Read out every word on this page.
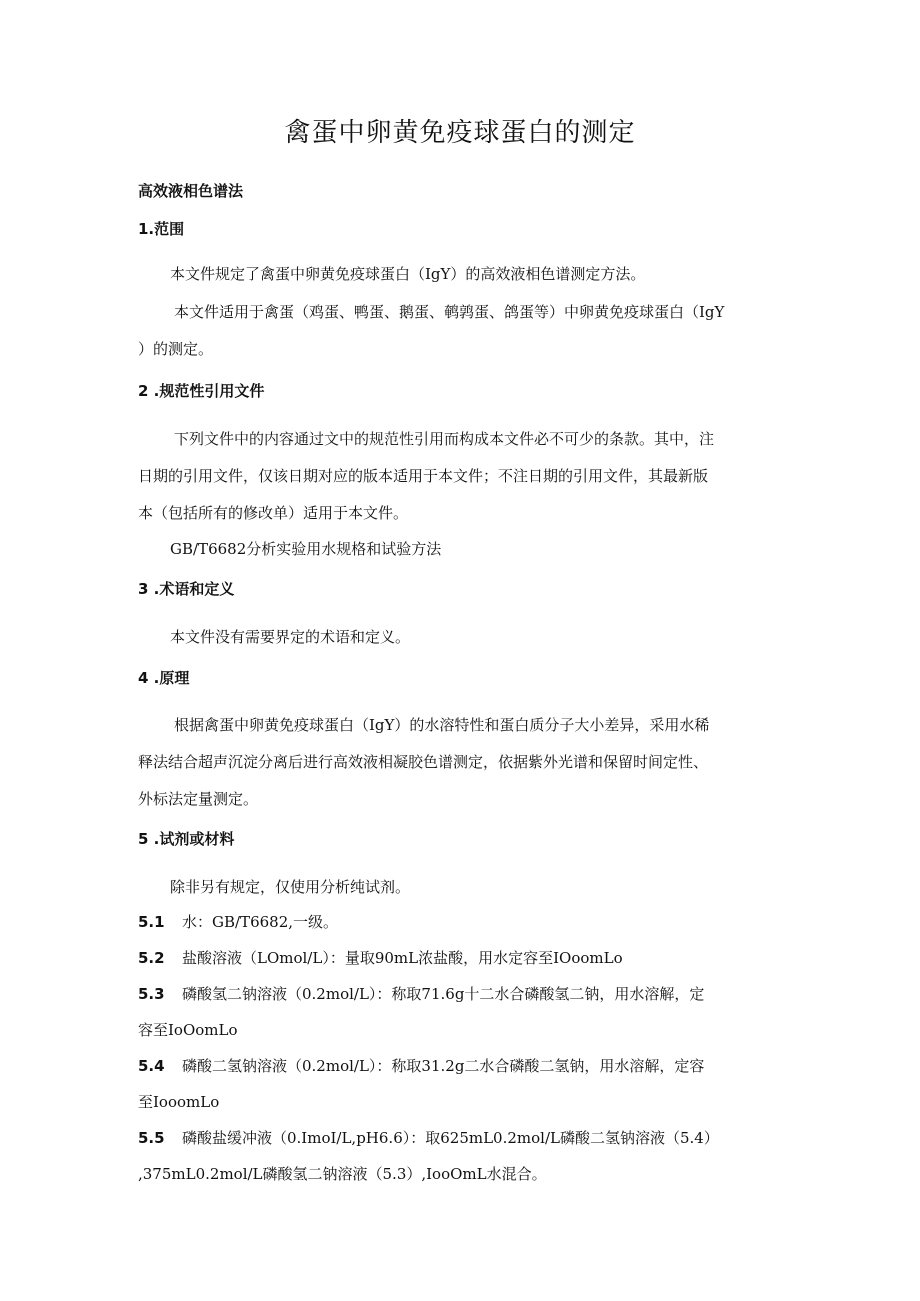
禽蛋中卵黄免疫球蛋白的测定
高效液相色谱法
1.范围
本文件规定了禽蛋中卵黄免疫球蛋白（IgY）的高效液相色谱测定方法。
本文件适用于禽蛋（鸡蛋、鸭蛋、鹅蛋、鹌鹑蛋、鸽蛋等）中卵黄免疫球蛋白（IgY
）的测定。
2 .规范性引用文件
下列文件中的内容通过文中的规范性引用而构成本文件必不可少的条款。其中，注
日期的引用文件，仅该日期对应的版本适用于本文件；不注日期的引用文件，其最新版
本（包括所有的修改单）适用于本文件。
GB/T6682分析实验用水规格和试验方法
3 .术语和定义
本文件没有需要界定的术语和定义。
4 .原理
根据禽蛋中卵黄免疫球蛋白（IgY）的水溶特性和蛋白质分子大小差异，采用水稀
释法结合超声沉淀分离后进行高效液相凝胶色谱测定，依据紫外光谱和保留时间定性、
外标法定量测定。
5 .试剂或材料
除非另有规定，仅使用分析纯试剂。
5.1 水：GB/T6682,一级。
5.2 盐酸溶液（LOmol/L）：量取90mL浓盐酸，用水定容至IOoomLo
5.3 磷酸氢二钠溶液（0.2mol/L）：称取71.6g十二水合磷酸氢二钠，用水溶解，定
容至IoOomLo
5.4 磷酸二氢钠溶液（0.2mol/L）：称取31.2g二水合磷酸二氢钠，用水溶解，定容
至IooomLo
5.5 磷酸盐缓冲液（0.ImoI/L,pH6.6）：取625mL0.2mol/L磷酸二氢钠溶液（5.4）
,375mL0.2mol/L磷酸氢二钠溶液（5.3）,IooOmL水混合。
